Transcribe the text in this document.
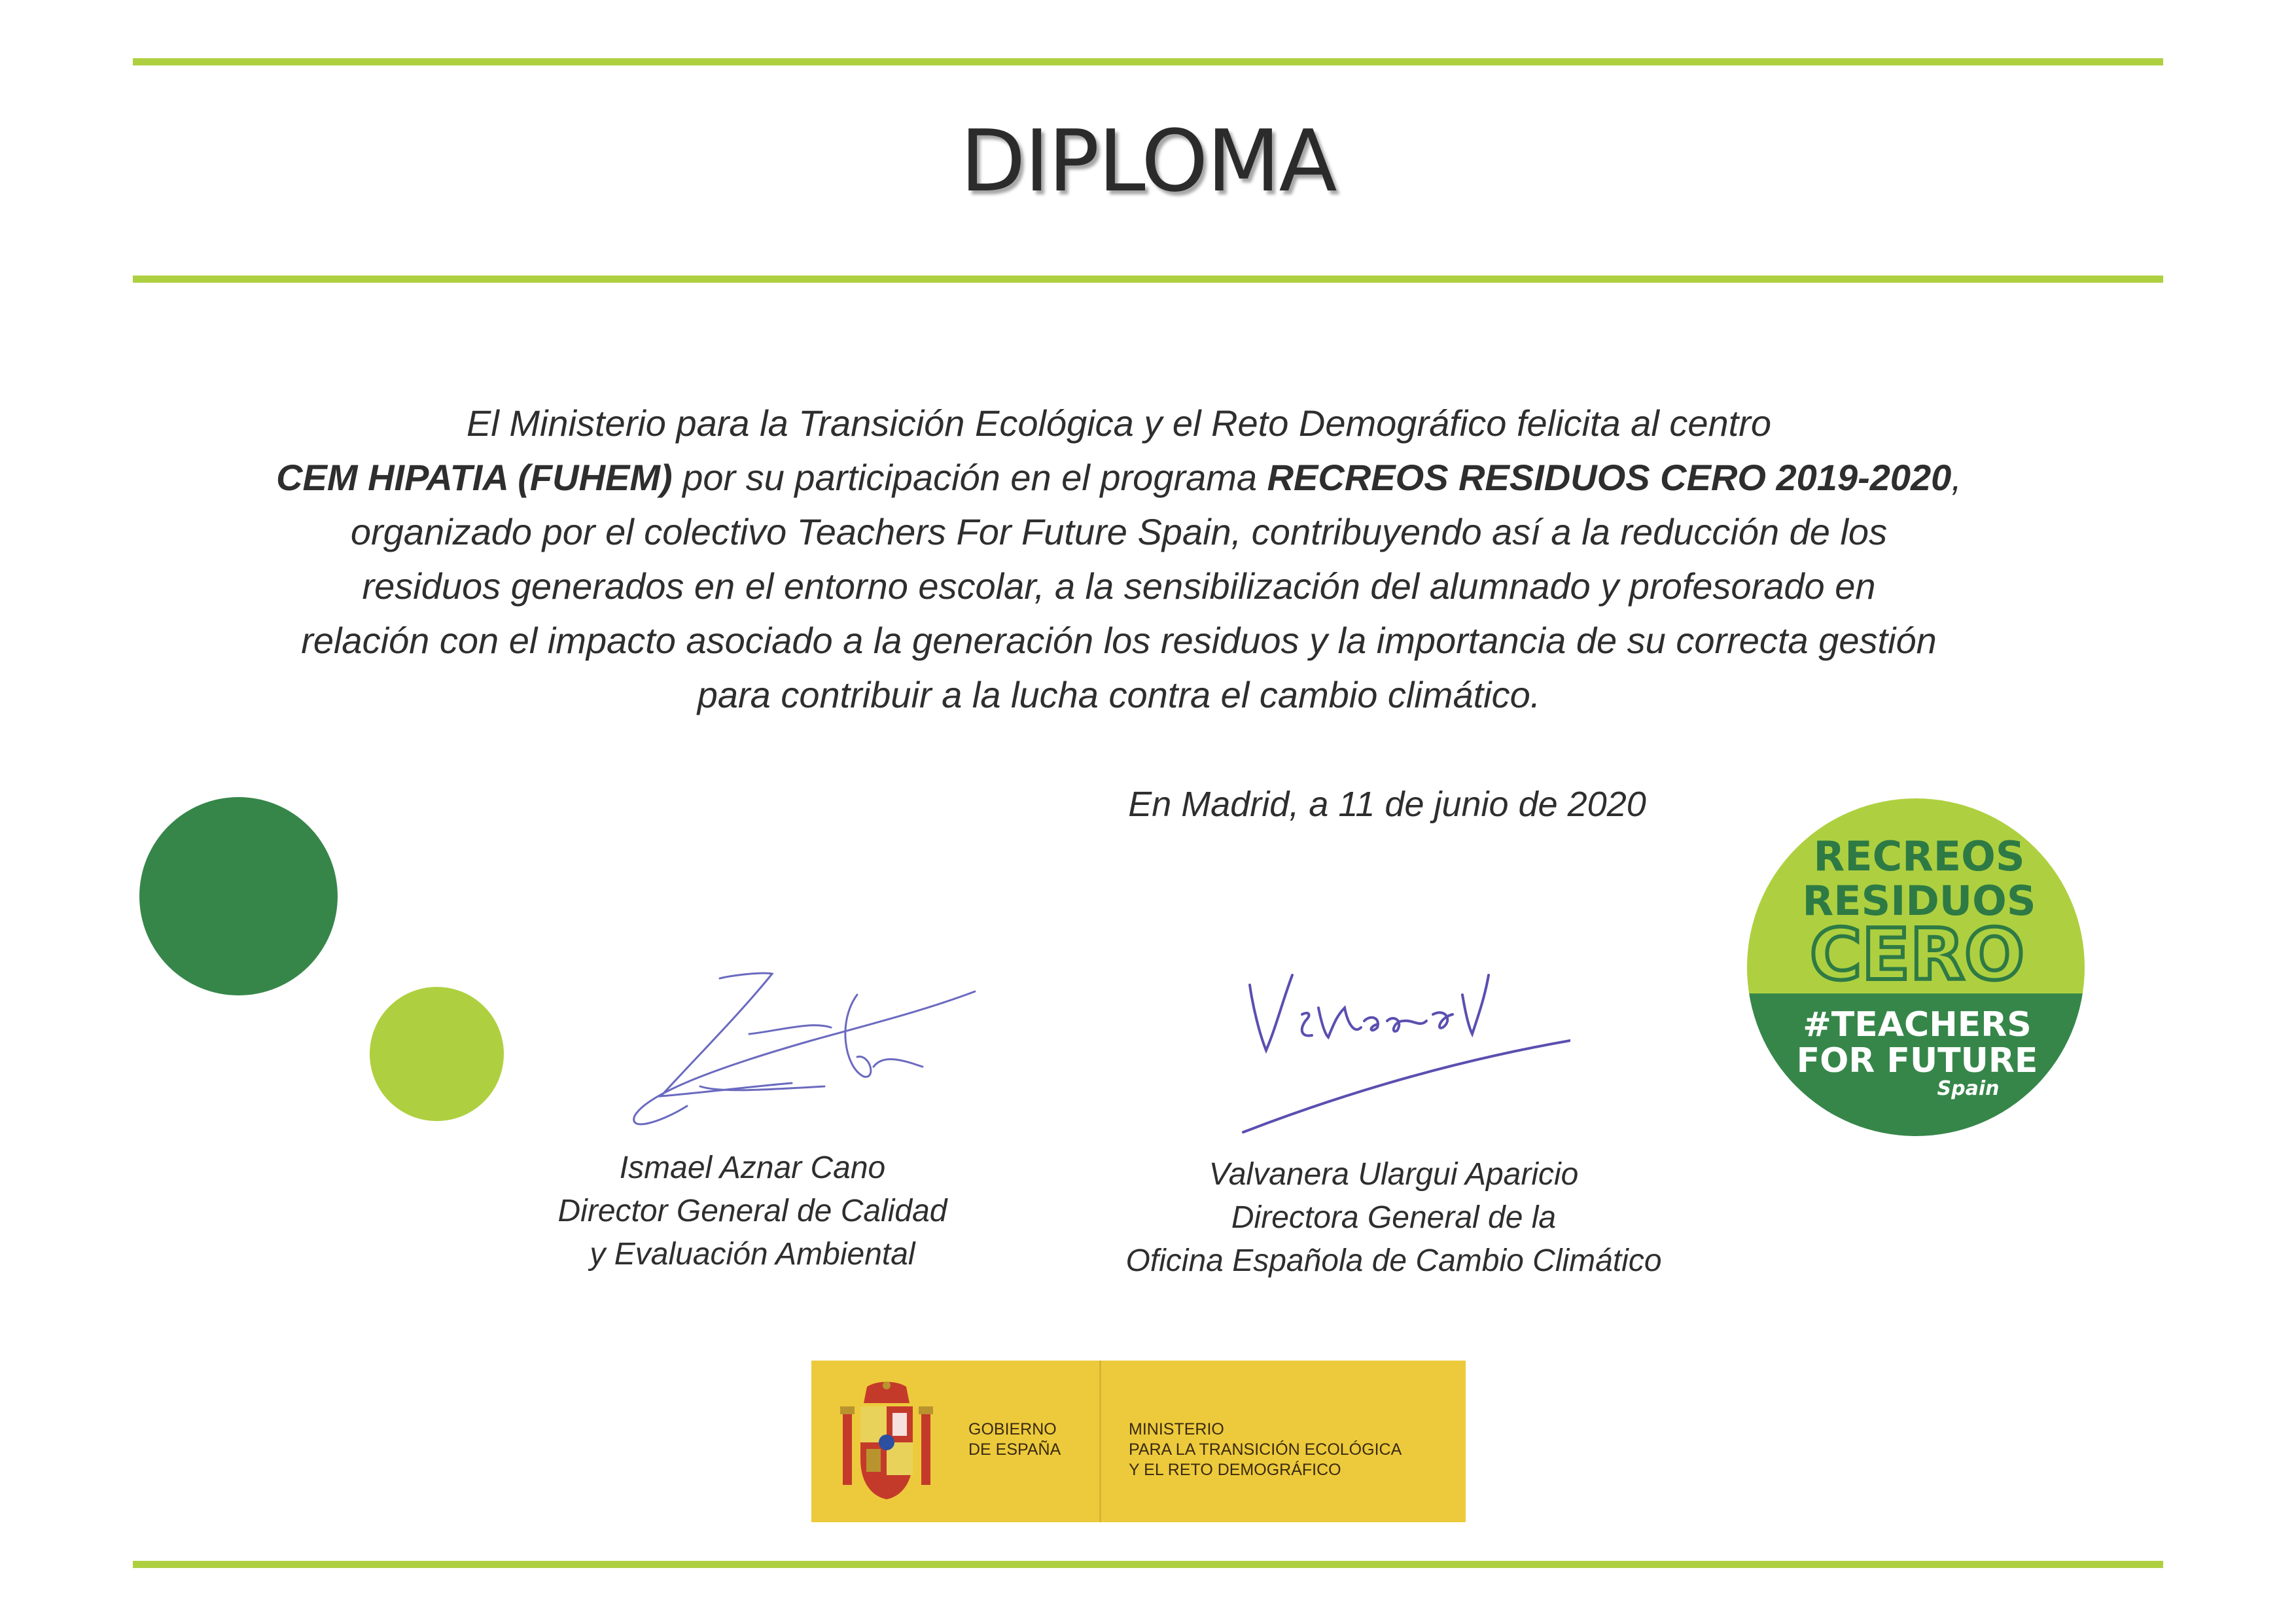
DIPLOMA
El Ministerio para la Transición Ecológica y el Reto Demográfico felicita al centro
CEM HIPATIA (FUHEM) por su participación en el programa RECREOS RESIDUOS CERO 2019-2020,
organizado por el colectivo Teachers For Future Spain, contribuyendo así a la reducción de los
residuos generados en el entorno escolar, a la sensibilización del alumnado y profesorado en
relación con el impacto asociado a la generación los residuos y la importancia de su correcta gestión
para contribuir a la lucha contra el cambio climático.
En Madrid, a 11 de junio de 2020
Ismael Aznar Cano
Director General de Calidad
y Evaluación Ambiental
Valvanera Ulargui Aparicio
Directora General de la
Oficina Española de Cambio Climático
RECREOS
RESIDUOS
CERO
#TEACHERS
FOR FUTURE
Spain
GOBIERNO
DE ESPAÑA
MINISTERIO
PARA LA TRANSICIÓN ECOLÓGICA
Y EL RETO DEMOGRÁFICO
